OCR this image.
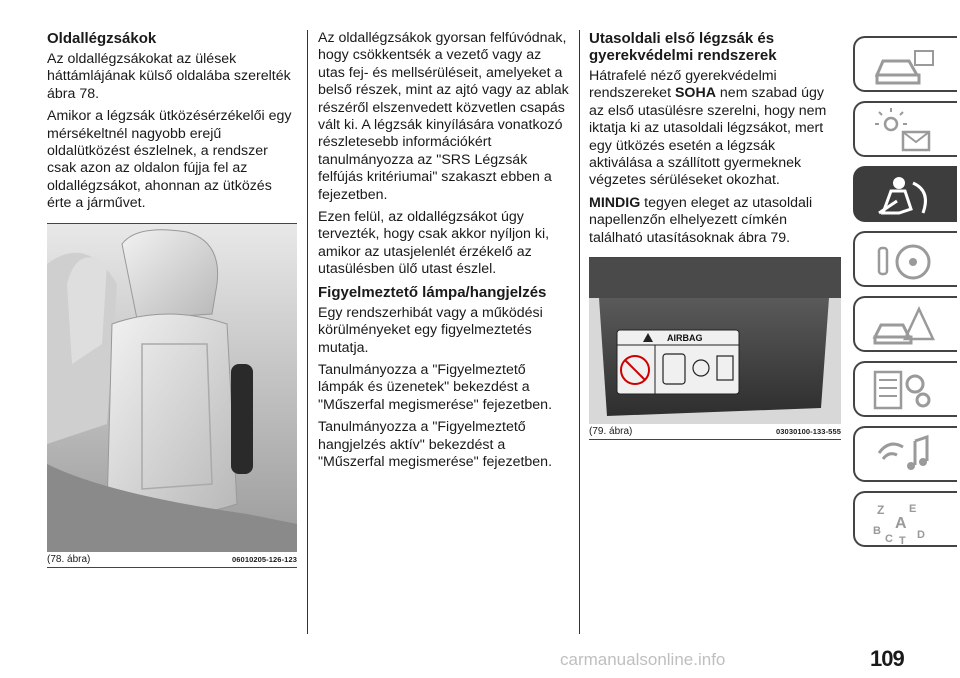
Oldallégzsákok

Az oldallégzsákokat az ülések háttámlájának külső oldalába szerelték ábra 78.

Amikor a légzsák ütközésérzékelői egy mérsékeltnél nagyobb erejű oldalütközést észlelnek, a rendszer csak azon az oldalon fújja fel az oldallégzsákot, ahonnan az ütközés érte a járművet.

(78. ábra)	06010205-126-123

Az oldallégzsákok gyorsan felfúvódnak, hogy csökkentsék a vezető vagy az utas fej- és mellsérüléseit, amelyeket a belső részek, mint az ajtó vagy az ablak részéről elszenvedett közvetlen csapás vált ki. A légzsák kinyílására vonatkozó részletesebb információkért tanulmányozza az "SRS Légzsák felfújás kritériumai" szakaszt ebben a fejezetben.

Ezen felül, az oldallégzsákot úgy tervezték, hogy csak akkor nyíljon ki, amikor az utasjelenlét érzékelő az utasülésben ülő utast észlel.

Figyelmeztető lámpa/hangjelzés

Egy rendszerhibát vagy a működési körülményeket egy figyelmeztetés mutatja.

Tanulmányozza a "Figyelmeztető lámpák és üzenetek" bekezdést a "Műszerfal megismerése" fejezetben.

Tanulmányozza a "Figyelmeztető hangjelzés aktív" bekezdést a "Műszerfal megismerése" fejezetben.

Utasoldali első légzsák és gyerekvédelmi rendszerek

Hátrafelé néző gyerekvédelmi rendszereket SOHA nem szabad úgy az első utasülésre szerelni, hogy nem iktatja ki az utasoldali légzsákot, mert egy ütközés esetén a légzsák aktiválása a szállított gyermeknek végzetes sérüléseket okozhat.

MINDIG tegyen eleget az utasoldali napellenzőn elhelyezett címkén található utasításoknak ábra 79.

AIRBAG
(79. ábra)	03030100-133-555
Z E
A
B
C T D
109
carmanualsonline.info
